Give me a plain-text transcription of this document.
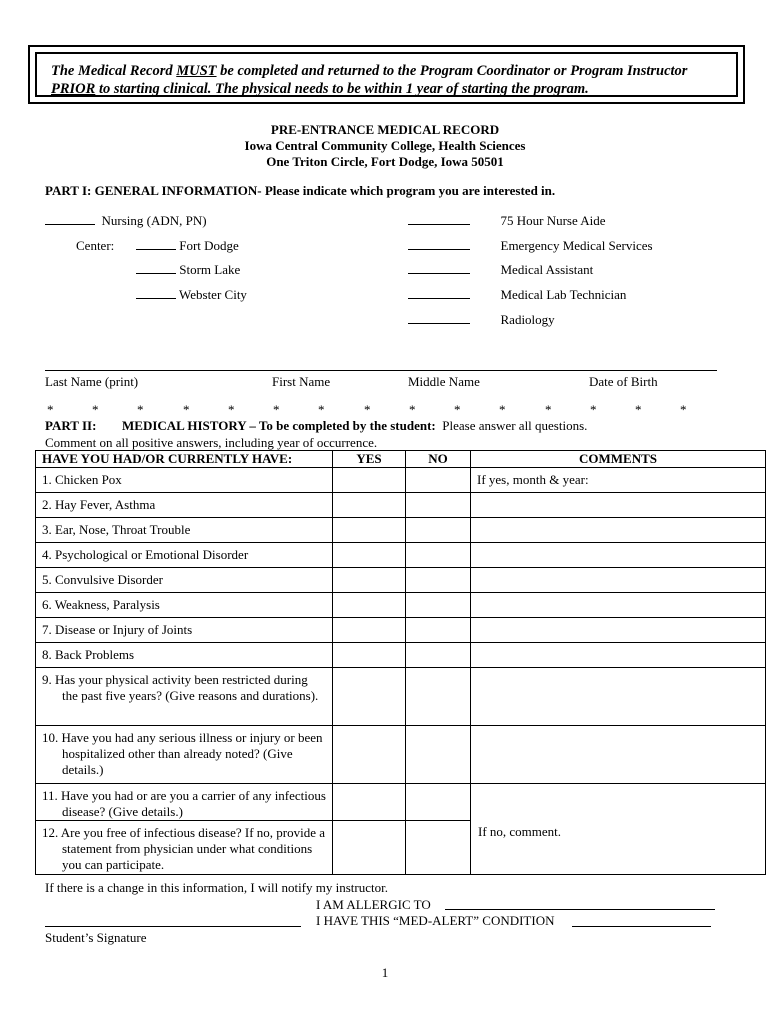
The Medical Record MUST be completed and returned to the Program Coordinator or Program Instructor
PRIOR to starting clinical. The physical needs to be within 1 year of starting the program.
PRE-ENTRANCE MEDICAL RECORD
Iowa Central Community College, Health Sciences
One Triton Circle, Fort Dodge, Iowa 50501
PART I: GENERAL INFORMATION- Please indicate which program you are interested in.
Nursing (ADN, PN)
Center:	Fort Dodge
Storm Lake
Webster City
75 Hour Nurse Aide
Emergency Medical Services
Medical Assistant
Medical Lab Technician
Radiology
Last Name (print)	First Name	Middle Name	Date of Birth
*	*	*	*	*	*	*	*	*	*	*	*	*	*	*
PART II: MEDICAL HISTORY – To be completed by the student: Please answer all questions.
Comment on all positive answers, including year of occurrence.
HAVE YOU HAD/OR CURRENTLY HAVE:	YES	NO	COMMENTS

1. Chicken Pox			If yes, month & year:

2. Hay Fever, Asthma			

3. Ear, Nose, Throat Trouble			

4. Psychological or Emotional Disorder			

5. Convulsive Disorder			

6. Weakness, Paralysis			

7. Disease or Injury of Joints			

8. Back Problems			

9. Has your physical activity been restricted during the past five years? (Give reasons and durations).			

10. Have you had any serious illness or injury or been hospitalized other than already noted? (Give details.)			

11. Have you had or are you a carrier of any infectious disease? (Give details.)			

12. Are you free of infectious disease? If no, provide a statement from physician under what conditions you can participate.			

If no, comment.
If there is a change in this information, I will notify my instructor.
I AM ALLERGIC TO
I HAVE THIS “MED-ALERT” CONDITION
Student’s Signature
1
